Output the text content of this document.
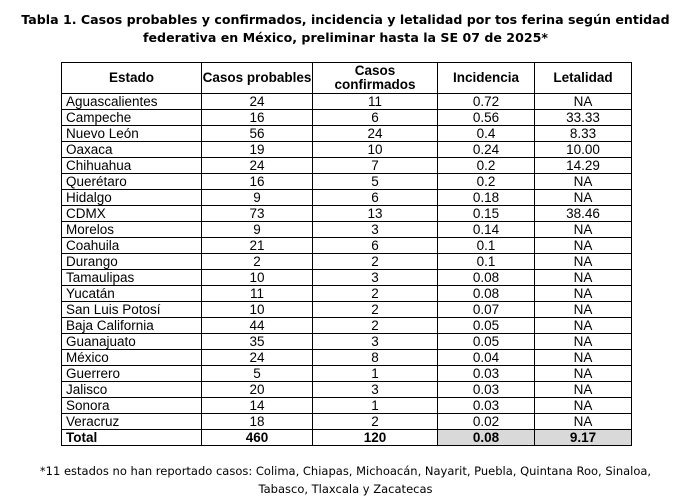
Tabla 1. Casos probables y confirmados, incidencia y letalidad por tos ferina según entidad federativa en México, preliminar hasta la SE 07 de 2025*
Estado	Casos probables	Casos confirmados	Incidencia	Letalidad
Aguascalientes	24	11	0.72	NA
Campeche	16	6	0.56	33.33
Nuevo León	56	24	0.4	8.33
Oaxaca	19	10	0.24	10.00
Chihuahua	24	7	0.2	14.29
Querétaro	16	5	0.2	NA
Hidalgo	9	6	0.18	NA
CDMX	73	13	0.15	38.46
Morelos	9	3	0.14	NA
Coahuila	21	6	0.1	NA
Durango	2	2	0.1	NA
Tamaulipas	10	3	0.08	NA
Yucatán	11	2	0.08	NA
San Luis Potosí	10	2	0.07	NA
Baja California	44	2	0.05	NA
Guanajuato	35	3	0.05	NA
México	24	8	0.04	NA
Guerrero	5	1	0.03	NA
Jalisco	20	3	0.03	NA
Sonora	14	1	0.03	NA
Veracruz	18	2	0.02	NA
Total	460	120	0.08	9.17
*11 estados no han reportado casos: Colima, Chiapas, Michoacán, Nayarit, Puebla, Quintana Roo, Sinaloa, Tabasco, Tlaxcala y Zacatecas
